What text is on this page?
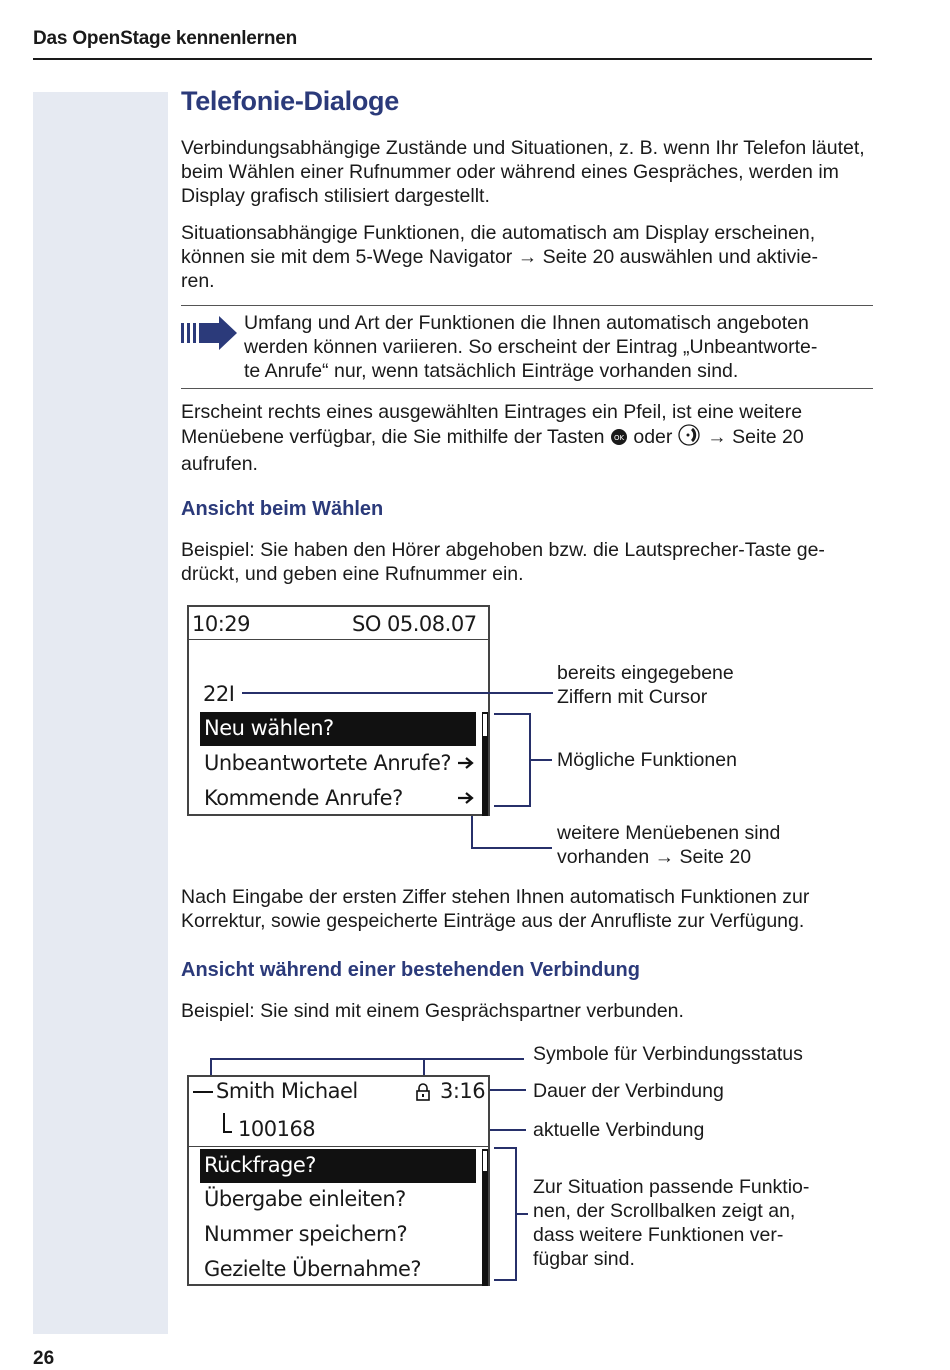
Das OpenStage kennenlernen
26
Telefonie-Dialoge

Verbindungsabhängige Zustände und Situationen, z. B. wenn Ihr Telefon läutet, beim Wählen einer Rufnummer oder während eines Gespräches, werden im Display grafisch stilisiert dargestellt.

Situationsabhängige Funktionen, die automatisch am Display erscheinen,
können sie mit dem 5-Wege Navigator → Seite 20 auswählen und aktivie-
ren.

Umfang und Art der Funktionen die Ihnen automatisch angeboten
werden können variieren. So erscheint der Eintrag „Unbeantworte-
te Anrufe“ nur, wenn tatsächlich Einträge vorhanden sind.

Erscheint rechts eines ausgewählten Eintrages ein Pfeil, ist eine weitere
Menüebene verfügbar, die Sie mithilfe der Tasten OK oder → Seite 20
aufrufen.

Ansicht beim Wählen

Beispiel: Sie haben den Hörer abgehoben bzw. die Lautsprecher-Taste ge-
drückt, und geben eine Rufnummer ein.

10:29	SO 05.08.07
22I
Neu wählen?
Unbeantwortete Anrufe?
Kommende Anrufe?
bereits eingegebene
Ziffern mit Cursor
Mögliche Funktionen
weitere Menüebenen sind
vorhanden → Seite 20

Nach Eingabe der ersten Ziffer stehen Ihnen automatisch Funktionen zur
Korrektur, sowie gespeicherte Einträge aus der Anrufliste zur Verfügung.

Ansicht während einer bestehenden Verbindung

Beispiel: Sie sind mit einem Gesprächspartner verbunden.

Smith Michael	3:16
100168
Rückfrage?
Übergabe einleiten?
Nummer speichern?
Gezielte Übernahme?
Symbole für Verbindungsstatus
Dauer der Verbindung
aktuelle Verbindung
Zur Situation passende Funktio-
nen, der Scrollbalken zeigt an,
dass weitere Funktionen ver-
fügbar sind.
